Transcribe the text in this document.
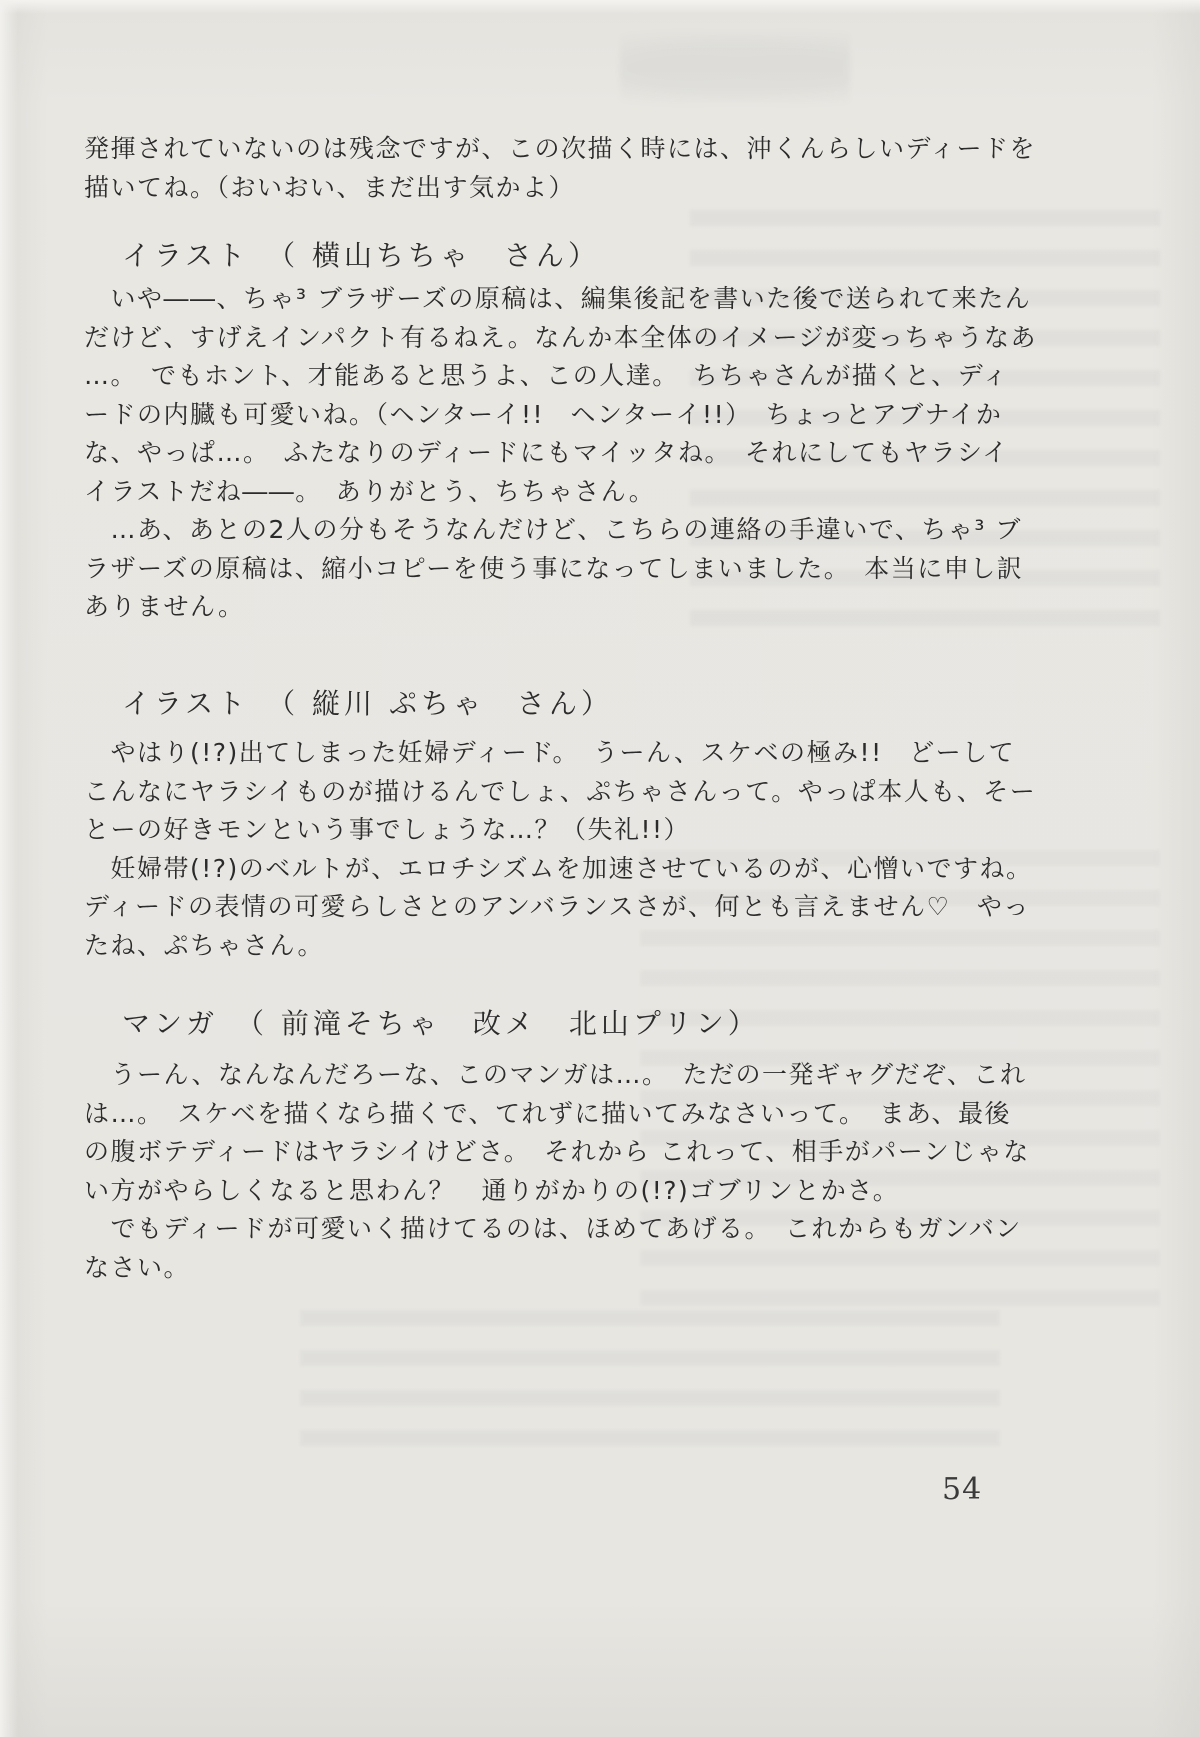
発揮されていないのは残念ですが、この次描く時には、沖くんらしいディードを
描いてね。（おいおい、まだ出す気かよ）
イラスト　（ 横山ちちゃ　さん）
　いや――、ちゃ³ ブラザーズの原稿は、編集後記を書いた後で送られて来たん
だけど、すげえインパクト有るねえ。なんか本全体のイメージが変っちゃうなあ
…。　でもホント、才能あると思うよ、この人達。　ちちゃさんが描くと、ディ
ードの内臓も可愛いね。（ヘンターイ!!　ヘンターイ!!）　ちょっとアブナイか
な、やっぱ…。　ふたなりのディードにもマイッタね。　それにしてもヤラシイ
イラストだね――。　ありがとう、ちちゃさん。
　…あ、あとの2人の分もそうなんだけど、こちらの連絡の手違いで、ちゃ³ ブ
ラザーズの原稿は、縮小コピーを使う事になってしまいました。　本当に申し訳
ありません。
イラスト　（ 縦川 ぷちゃ　さん）
　やはり(!?)出てしまった妊婦ディード。　うーん、スケベの極み!!　どーして
こんなにヤラシイものが描けるんでしょ、ぷちゃさんって。やっぱ本人も、そー
とーの好きモンという事でしょうな…？（失礼!!）
　妊婦帯(!?)のベルトが、エロチシズムを加速させているのが、心憎いですね。
ディードの表情の可愛らしさとのアンバランスさが、何とも言えません♡　やっ
たね、ぷちゃさん。
マンガ　（ 前滝そちゃ　改メ　北山プリン）
　うーん、なんなんだろーな、このマンガは…。　ただの一発ギャグだぞ、これ
は…。　スケベを描くなら描くで、てれずに描いてみなさいって。　まあ、最後
の腹ボテディードはヤラシイけどさ。　それから これって、相手がパーンじゃな
い方がやらしくなると思わん？　通りがかりの(!?)ゴブリンとかさ。
　でもディードが可愛いく描けてるのは、ほめてあげる。　これからもガンバン
なさい。
54
